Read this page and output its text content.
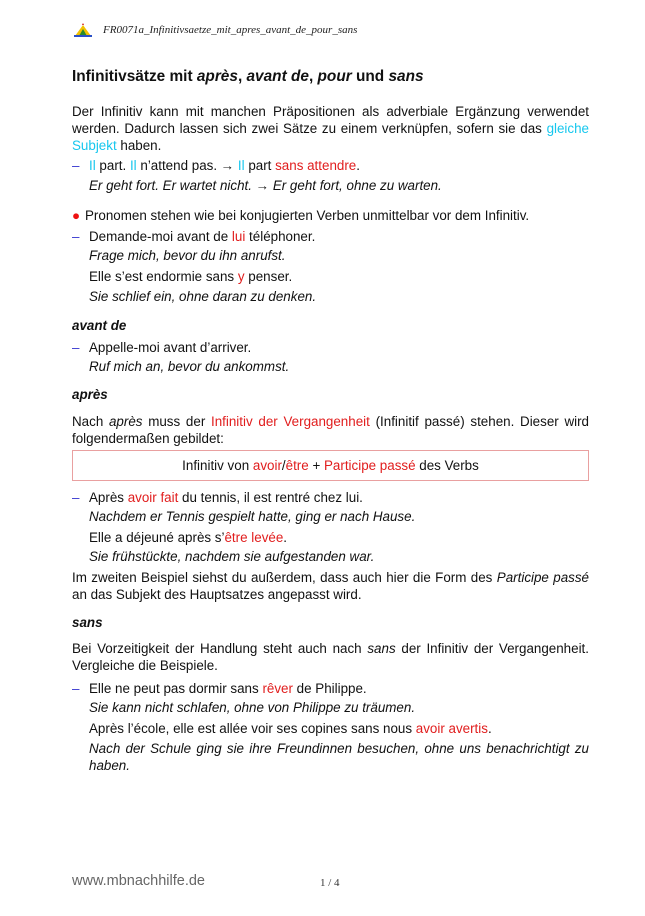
FR0071a_Infinitivsaetze_mit_apres_avant_de_pour_sans
Infinitivsätze mit après, avant de, pour und sans
Der Infinitiv kann mit manchen Präpositionen als adverbiale Ergänzung verwendet werden. Dadurch lassen sich zwei Sätze zu einem verknüpfen, sofern sie das gleiche Subjekt haben.
– Il part. Il n’attend pas. → Il part sans attendre.
Er geht fort. Er wartet nicht. → Er geht fort, ohne zu warten.
● Pronomen stehen wie bei konjugierten Verben unmittelbar vor dem Infinitiv.
– Demande-moi avant de lui téléphoner.
Frage mich, bevor du ihn anrufst.
Elle s’est endormie sans y penser.
Sie schlief ein, ohne daran zu denken.
avant de
– Appelle-moi avant d’arriver.
Ruf mich an, bevor du ankommst.
après
Nach après muss der Infinitiv der Vergangenheit (Infinitif passé) stehen. Dieser wird folgendermaßen gebildet:
Infinitiv von avoir/être + Participe passé des Verbs
– Après avoir fait du tennis, il est rentré chez lui.
Nachdem er Tennis gespielt hatte, ging er nach Hause.
Elle a déjeuné après s’être levée.
Sie frühstückte, nachdem sie aufgestanden war.
Im zweiten Beispiel siehst du außerdem, dass auch hier die Form des Participe passé an das Subjekt des Hauptsatzes angepasst wird.
sans
Bei Vorzeitigkeit der Handlung steht auch nach sans der Infinitiv der Vergangenheit. Vergleiche die Beispiele.
– Elle ne peut pas dormir sans rêver de Philippe.
Sie kann nicht schlafen, ohne von Philippe zu träumen.
Après l’école, elle est allée voir ses copines sans nous avoir avertis.
Nach der Schule ging sie ihre Freundinnen besuchen, ohne uns benachrichtigt zu haben.
www.mbnachhilfe.de	1 / 4
